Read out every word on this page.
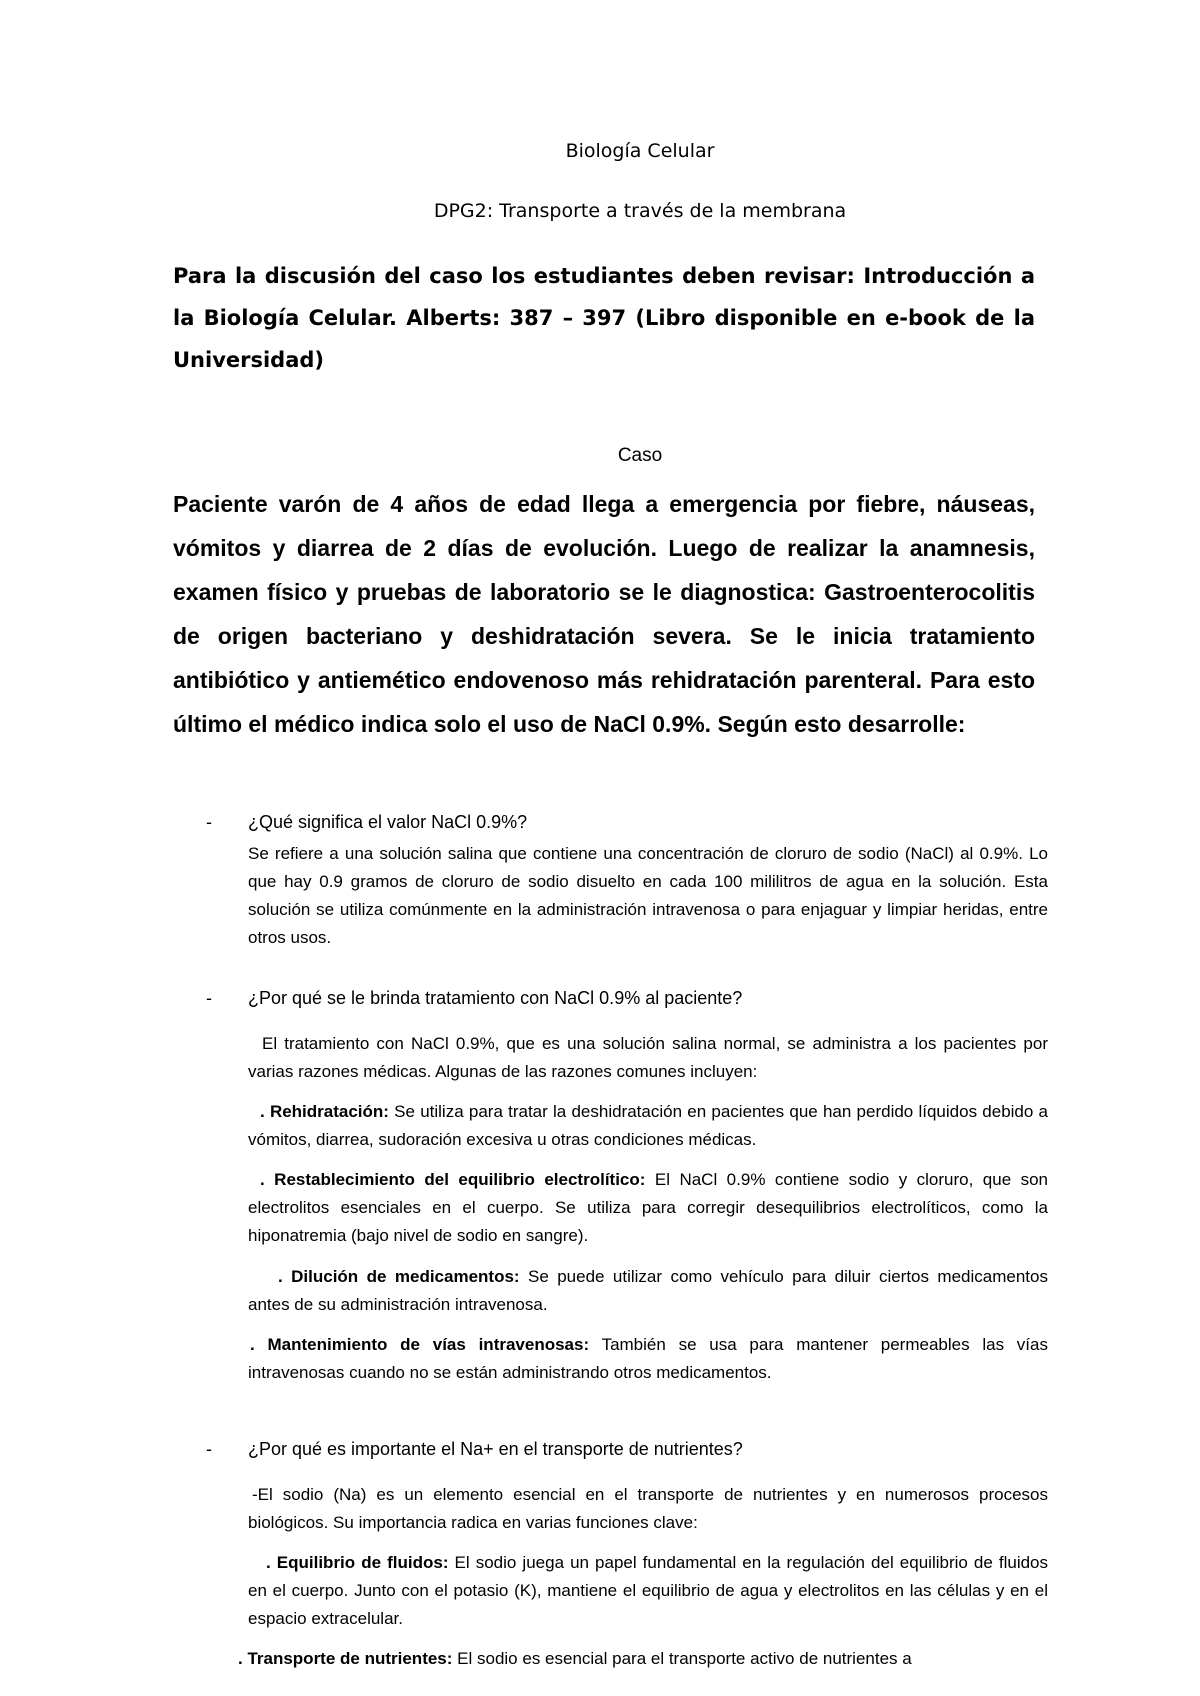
Biología Celular

DPG2: Transporte a través de la membrana

Para la discusión del caso los estudiantes deben revisar: Introducción a la Biología Celular. Alberts: 387 – 397 (Libro disponible en e-book de la Universidad)

Caso

Paciente varón de 4 años de edad llega a emergencia por fiebre, náuseas, vómitos y diarrea de 2 días de evolución. Luego de realizar la anamnesis, examen físico y pruebas de laboratorio se le diagnostica: Gastroenterocolitis de origen bacteriano y deshidratación severa. Se le inicia tratamiento antibiótico y antiemético endovenoso más rehidratación parenteral. Para esto último el médico indica solo el uso de NaCl 0.9%. Según esto desarrolle:

- ¿Qué significa el valor NaCl 0.9%?

Se refiere a una solución salina que contiene una concentración de cloruro de sodio (NaCl) al 0.9%. Lo que hay 0.9 gramos de cloruro de sodio disuelto en cada 100 mililitros de agua en la solución. Esta solución se utiliza comúnmente en la administración intravenosa o para enjaguar y limpiar heridas, entre otros usos.

- ¿Por qué se le brinda tratamiento con NaCl 0.9% al paciente?

El tratamiento con NaCl 0.9%, que es una solución salina normal, se administra a los pacientes por varias razones médicas. Algunas de las razones comunes incluyen:

. Rehidratación: Se utiliza para tratar la deshidratación en pacientes que han perdido líquidos debido a vómitos, diarrea, sudoración excesiva u otras condiciones médicas.

. Restablecimiento del equilibrio electrolítico: El NaCl 0.9% contiene sodio y cloruro, que son electrolitos esenciales en el cuerpo. Se utiliza para corregir desequilibrios electrolíticos, como la hiponatremia (bajo nivel de sodio en sangre).

. Dilución de medicamentos: Se puede utilizar como vehículo para diluir ciertos medicamentos antes de su administración intravenosa.

. Mantenimiento de vías intravenosas: También se usa para mantener permeables las vías intravenosas cuando no se están administrando otros medicamentos.

- ¿Por qué es importante el Na+ en el transporte de nutrientes?

-El sodio (Na) es un elemento esencial en el transporte de nutrientes y en numerosos procesos biológicos. Su importancia radica en varias funciones clave:

. Equilibrio de fluidos: El sodio juega un papel fundamental en la regulación del equilibrio de fluidos en el cuerpo. Junto con el potasio (K), mantiene el equilibrio de agua y electrolitos en las células y en el espacio extracelular.

. Transporte de nutrientes: El sodio es esencial para el transporte activo de nutrientes a
